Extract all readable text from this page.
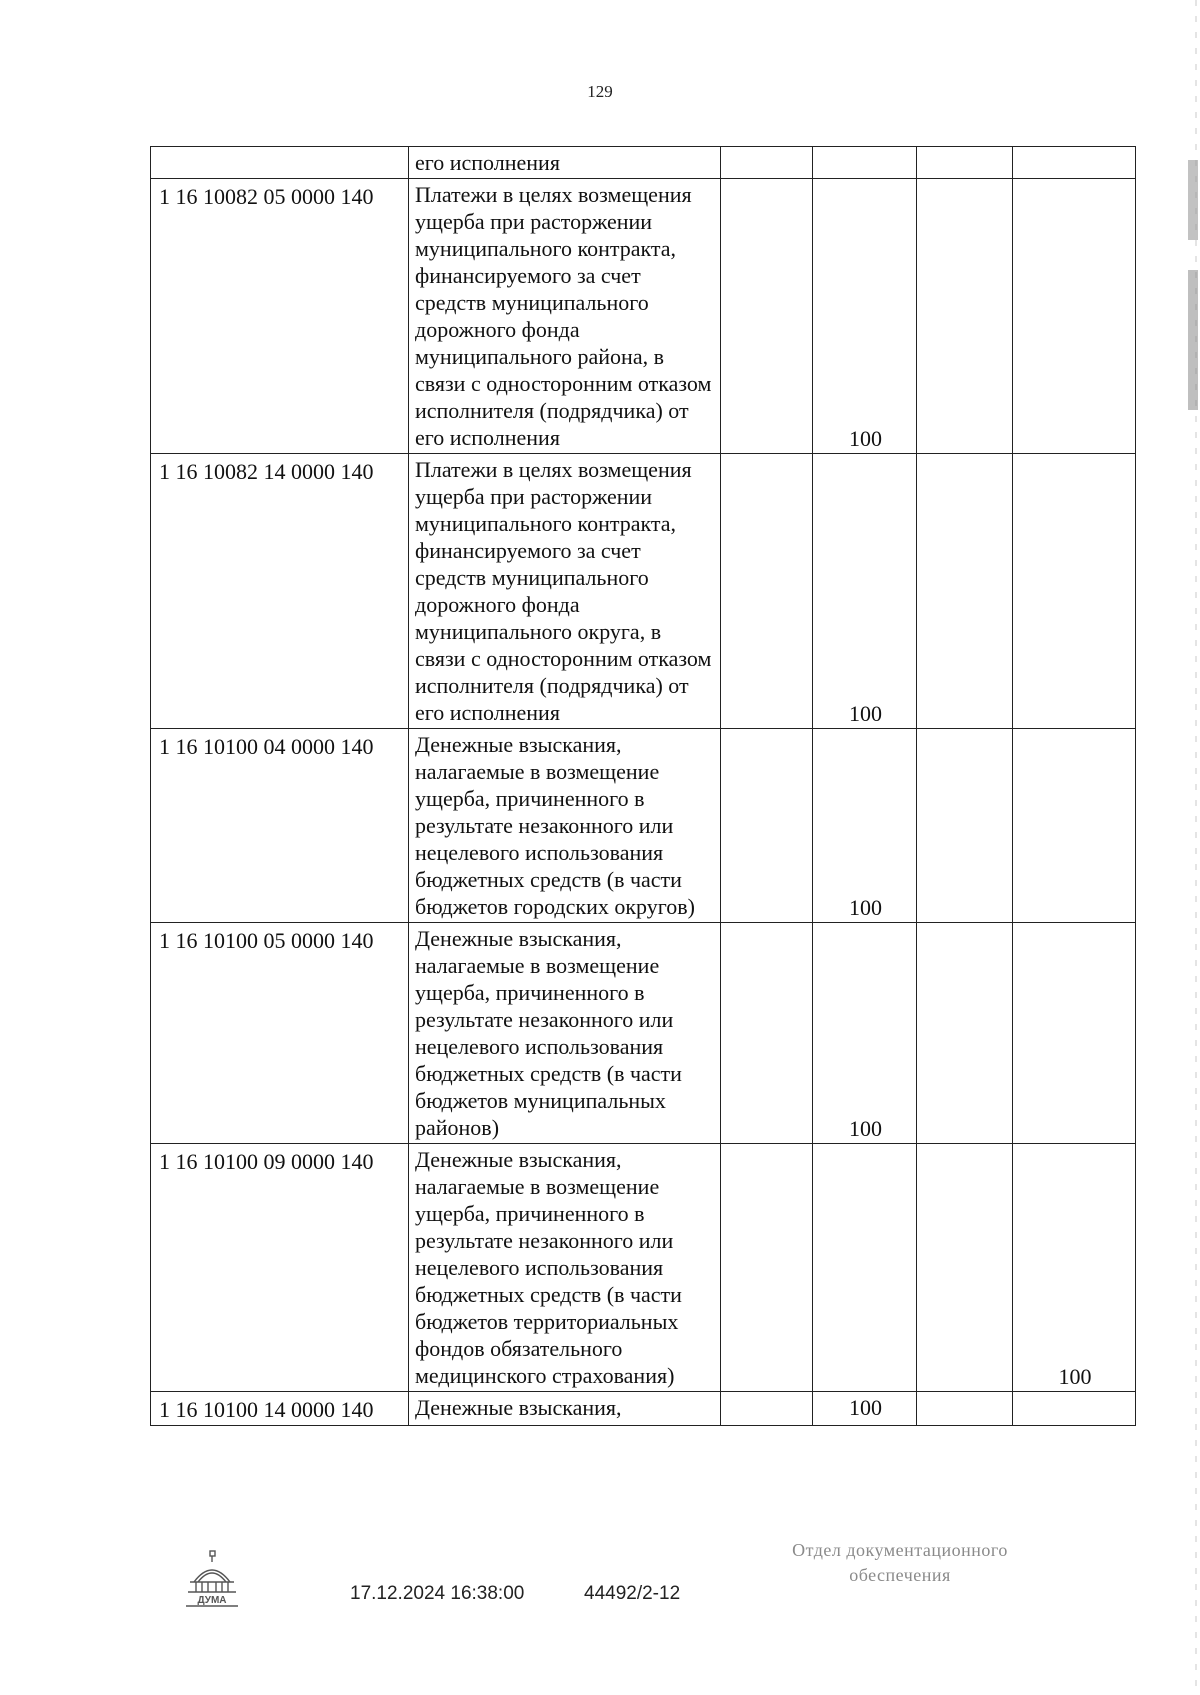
129
	его исполнения				
1 16 10082 05 0000 140	Платежи в целях возмещения ущерба при расторжении муниципального контракта, финансируемого за счет средств муниципального дорожного фонда муниципального района, в связи с односторонним отказом исполнителя (подрядчика) от его исполнения		100		
1 16 10082 14 0000 140	Платежи в целях возмещения ущерба при расторжении муниципального контракта, финансируемого за счет средств муниципального дорожного фонда муниципального округа, в связи с односторонним отказом исполнителя (подрядчика) от его исполнения		100		
1 16 10100 04 0000 140	Денежные взыскания, налагаемые в возмещение ущерба, причиненного в результате незаконного или нецелевого использования бюджетных средств (в части бюджетов городских округов)		100		
1 16 10100 05 0000 140	Денежные взыскания, налагаемые в возмещение ущерба, причиненного в результате незаконного или нецелевого использования бюджетных средств (в части бюджетов муниципальных районов)		100		
1 16 10100 09 0000 140	Денежные взыскания, налагаемые в возмещение ущерба, причиненного в результате незаконного или нецелевого использования бюджетных средств (в части бюджетов территориальных фондов обязательного медицинского страхования)				100
1 16 10100 14 0000 140	Денежные взыскания,		100		
ДУМА	17.12.2024 16:38:00	44492/2-12
Отдел документационного
обеспечения
